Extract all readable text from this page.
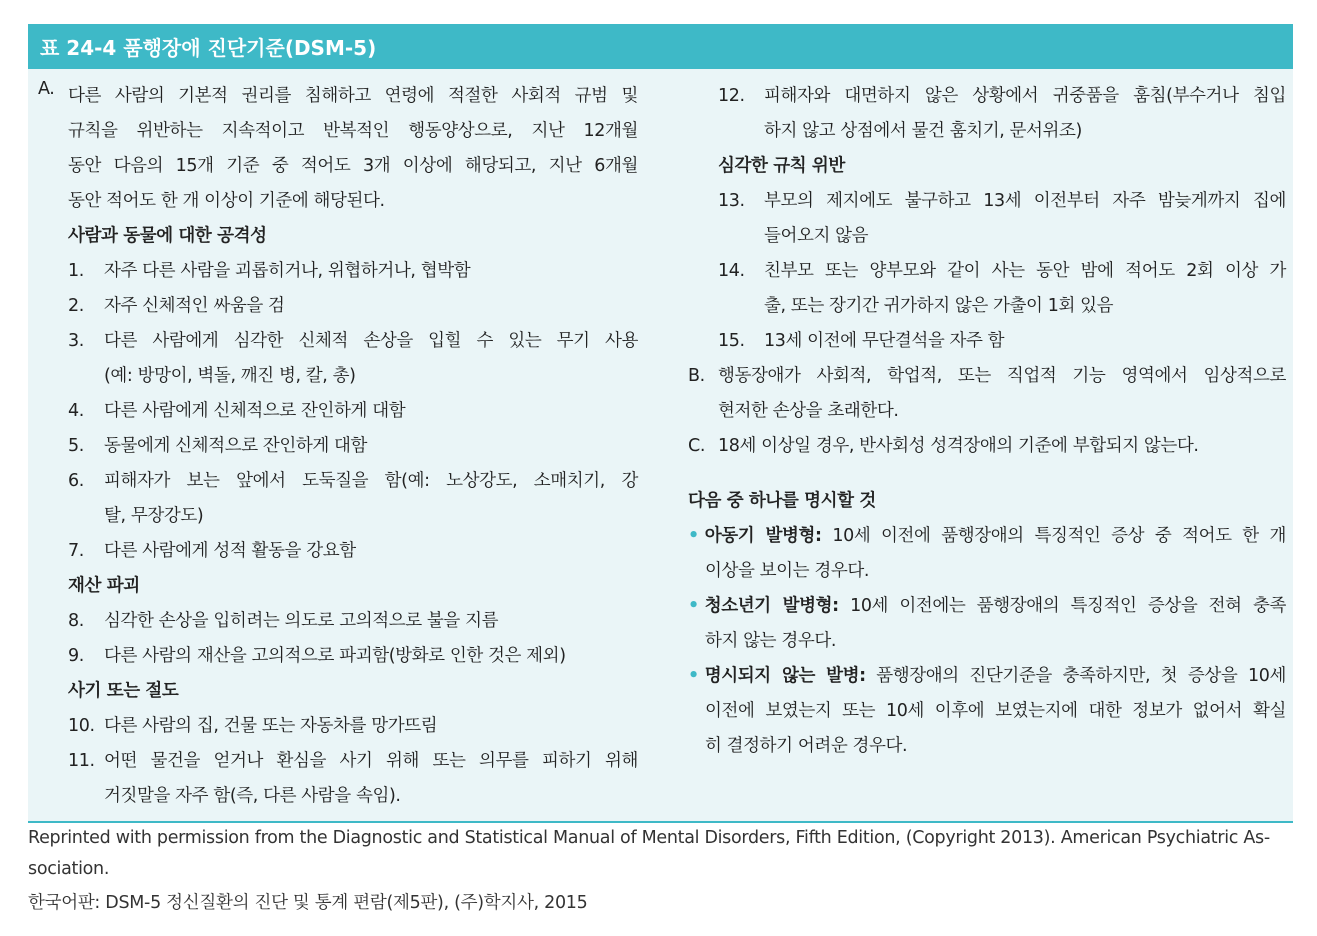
표 24-4 품행장애 진단기준(DSM-5)
A. 다른 사람의 기본적 권리를 침해하고 연령에 적절한 사회적 규범 및
규칙을 위반하는 지속적이고 반복적인 행동양상으로, 지난 12개월
동안 다음의 15개 기준 중 적어도 3개 이상에 해당되고, 지난 6개월
동안 적어도 한 개 이상이 기준에 해당된다.
사람과 동물에 대한 공격성
1.	자주 다른 사람을 괴롭히거나, 위협하거나, 협박함
2.	자주 신체적인 싸움을 검
3.	다른 사람에게 심각한 신체적 손상을 입힐 수 있는 무기 사용
(예: 방망이, 벽돌, 깨진 병, 칼, 총)
4.	다른 사람에게 신체적으로 잔인하게 대함
5.	동물에게 신체적으로 잔인하게 대함
6.	피해자가 보는 앞에서 도둑질을 함(예: 노상강도, 소매치기, 강
탈, 무장강도)
7.	다른 사람에게 성적 활동을 강요함
재산 파괴
8.	심각한 손상을 입히려는 의도로 고의적으로 불을 지름
9.	다른 사람의 재산을 고의적으로 파괴함(방화로 인한 것은 제외)
사기 또는 절도
10. 다른 사람의 집, 건물 또는 자동차를 망가뜨림
11. 어떤 물건을 얻거나 환심을 사기 위해 또는 의무를 피하기 위해
거짓말을 자주 함(즉, 다른 사람을 속임).
12.	피해자와 대면하지 않은 상황에서 귀중품을 훔침(부수거나 침입
하지 않고 상점에서 물건 훔치기, 문서위조)
심각한 규칙 위반
13.	부모의 제지에도 불구하고 13세 이전부터 자주 밤늦게까지 집에
들어오지 않음
14.	친부모 또는 양부모와 같이 사는 동안 밤에 적어도 2회 이상 가
출, 또는 장기간 귀가하지 않은 가출이 1회 있음
15.	13세 이전에 무단결석을 자주 함
B. 행동장애가 사회적, 학업적, 또는 직업적 기능 영역에서 임상적으로
현저한 손상을 초래한다.
C. 18세 이상일 경우, 반사회성 성격장애의 기준에 부합되지 않는다.
다음 중 하나를 명시할 것
• 아동기 발병형: 10세 이전에 품행장애의 특징적인 증상 중 적어도 한 개
이상을 보이는 경우다.
• 청소년기 발병형: 10세 이전에는 품행장애의 특징적인 증상을 전혀 충족
하지 않는 경우다.
• 명시되지 않는 발병: 품행장애의 진단기준을 충족하지만, 첫 증상을 10세
이전에 보였는지 또는 10세 이후에 보였는지에 대한 정보가 없어서 확실
히 결정하기 어려운 경우다.
Reprinted with permission from the Diagnostic and Statistical Manual of Mental Disorders, Fifth Edition, (Copyright 2013). American Psychiatric As-
sociation.
한국어판: DSM-5 정신질환의 진단 및 통계 편람(제5판), (주)학지사, 2015
